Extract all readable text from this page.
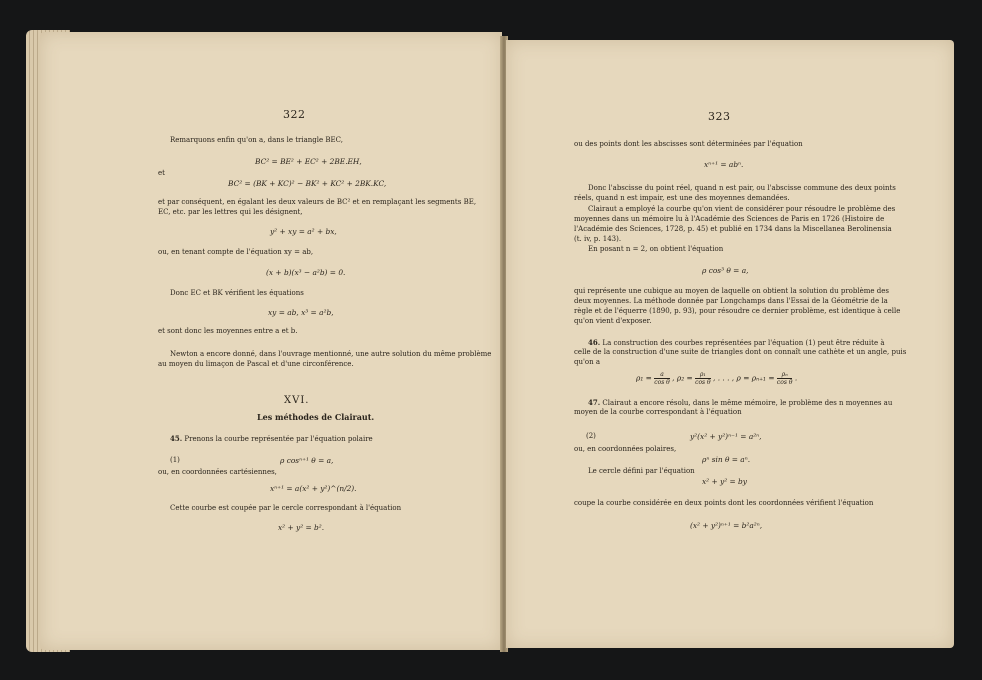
322
Remarquons enfin qu'on a, dans le triangle BEC,
BC² = BE² + EC² + 2BE.EH,
et
BC² = (BK + KC)² − BK² + KC² + 2BK.KC,
et par conséquent, en égalant les deux valeurs de BC² et en remplaçant les segments BE,
EC, etc. par les lettres qui les désignent,
y² + xy = a² + bx,
ou, en tenant compte de l'équation xy = ab,
(x + b)(x³ − a²b) = 0.
Donc EC et BK vérifient les équations
xy = ab, x³ = a²b,
et sont donc les moyennes entre a et b.
Newton a encore donné, dans l'ouvrage mentionné, une autre solution du même problème
au moyen du limaçon de Pascal et d'une circonférence.
XVI.
Les méthodes de Clairaut.
45. Prenons la courbe représentée par l'équation polaire
(1)	ρ cosⁿ⁺¹ θ = a,
ou, en coordonnées cartésiennes,
xⁿ⁺¹ = a(x² + y²)^(n/2).
Cette courbe est coupée par le cercle correspondant à l'équation
x² + y² = b².
323
ou des points dont les abscisses sont déterminées par l'équation
xⁿ⁺¹ = abⁿ.
Donc l'abscisse du point réel, quand n est pair, ou l'abscisse commune des deux points
réels, quand n est impair, est une des moyennes demandées.
Clairaut a employé la courbe qu'on vient de considérer pour résoudre le problème des
moyennes dans un mémoire lu à l'Académie des Sciences de Paris en 1726 (Histoire de
l'Académie des Sciences, 1728, p. 45) et publié en 1734 dans la Miscellanea Berolinensia
(t. iv, p. 143).
En posant n = 2, on obtient l'équation
ρ cos³ θ = a,
qui représente une cubique au moyen de laquelle on obtient la solution du problème des
deux moyennes. La méthode donnée par Longchamps dans l'Essai de la Géométrie de la
règle et de l'équerre (1890, p. 93), pour résoudre ce dernier problème, est identique à celle
qu'on vient d'exposer.
46. La construction des courbes représentées par l'équation (1) peut être réduite à
celle de la construction d'une suite de triangles dont on connaît une cathète et un angle, puis
qu'on a
$\rho_1 = \frac{a}{\text{cos θ}}$ , $\rho_2 = \frac{\text{ρ₁}}{\text{cos θ}}$ , . . . , $\rho = \rho_{n+1} = \frac{\text{ρₙ}}{\text{cos θ}}$ .
47. Clairaut a encore résolu, dans le même mémoire, le problème des n moyennes au
moyen de la courbe correspondant à l'équation
(2)	y²(x² + y²)ⁿ⁻¹ = a²ⁿ,
ou, en coordonnées polaires,
ρⁿ sin θ = aⁿ.
Le cercle défini par l'équation
x² + y² = by
coupe la courbe considérée en deux points dont les coordonnées vérifient l'équation
(x² + y²)ⁿ⁺¹ = b²a²ⁿ,
